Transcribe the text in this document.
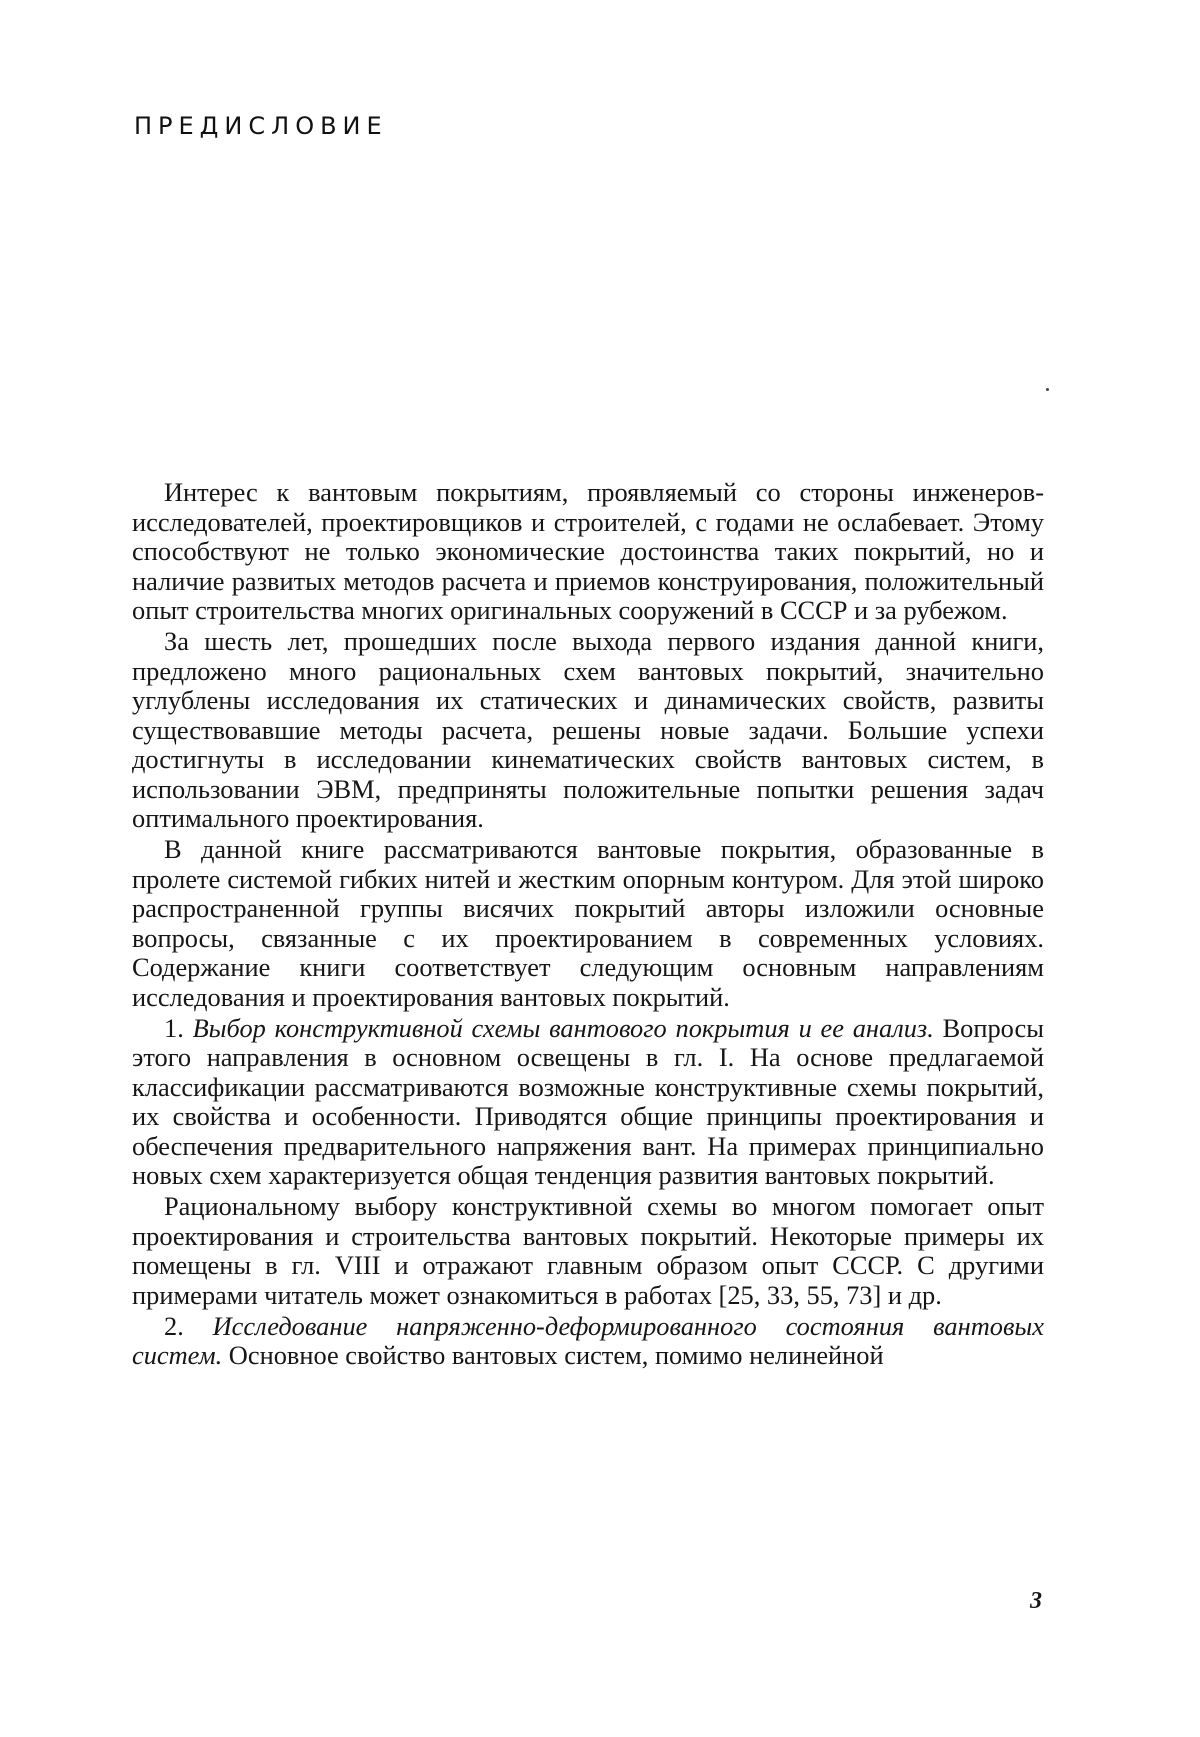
ПРЕДИСЛОВИЕ

Интерес к вантовым покрытиям, проявляемый со стороны инженеров-исследователей, проектировщиков и строителей, с годами не ослабевает. Этому способствуют не только экономические достоинства таких покрытий, но и наличие развитых методов расчета и приемов конструирования, положительный опыт строительства многих оригинальных сооружений в СССР и за рубежом.

За шесть лет, прошедших после выхода первого издания данной книги, предложено много рациональных схем вантовых покрытий, значительно углублены исследования их статических и динамических свойств, развиты существовавшие методы расчета, решены новые задачи. Большие успехи достигнуты в исследовании кинематических свойств вантовых систем, в использовании ЭВМ, предприняты положительные попытки решения задач оптимального проектирования.

В данной книге рассматриваются вантовые покрытия, образованные в пролете системой гибких нитей и жестким опорным контуром. Для этой широко распространенной группы висячих покрытий авторы изложили основные вопросы, связанные с их проектированием в современных условиях. Содержание книги соответствует следующим основным направлениям исследования и проектирования вантовых покрытий.

1. Выбор конструктивной схемы вантового покрытия и ее анализ. Вопросы этого направления в основном освещены в гл. I. На основе предлагаемой классификации рассматриваются возможные конструктивные схемы покрытий, их свойства и особенности. Приводятся общие принципы проектирования и обеспечения предварительного напряжения вант. На примерах принципиально новых схем характеризуется общая тенденция развития вантовых покрытий.

Рациональному выбору конструктивной схемы во многом помогает опыт проектирования и строительства вантовых покрытий. Некоторые примеры их помещены в гл. VIII и отражают главным образом опыт СССР. С другими примерами читатель может ознакомиться в работах [25, 33, 55, 73] и др.

2. Исследование напряженно-деформированного состояния вантовых систем. Основное свойство вантовых систем, помимо нелинейной

3
